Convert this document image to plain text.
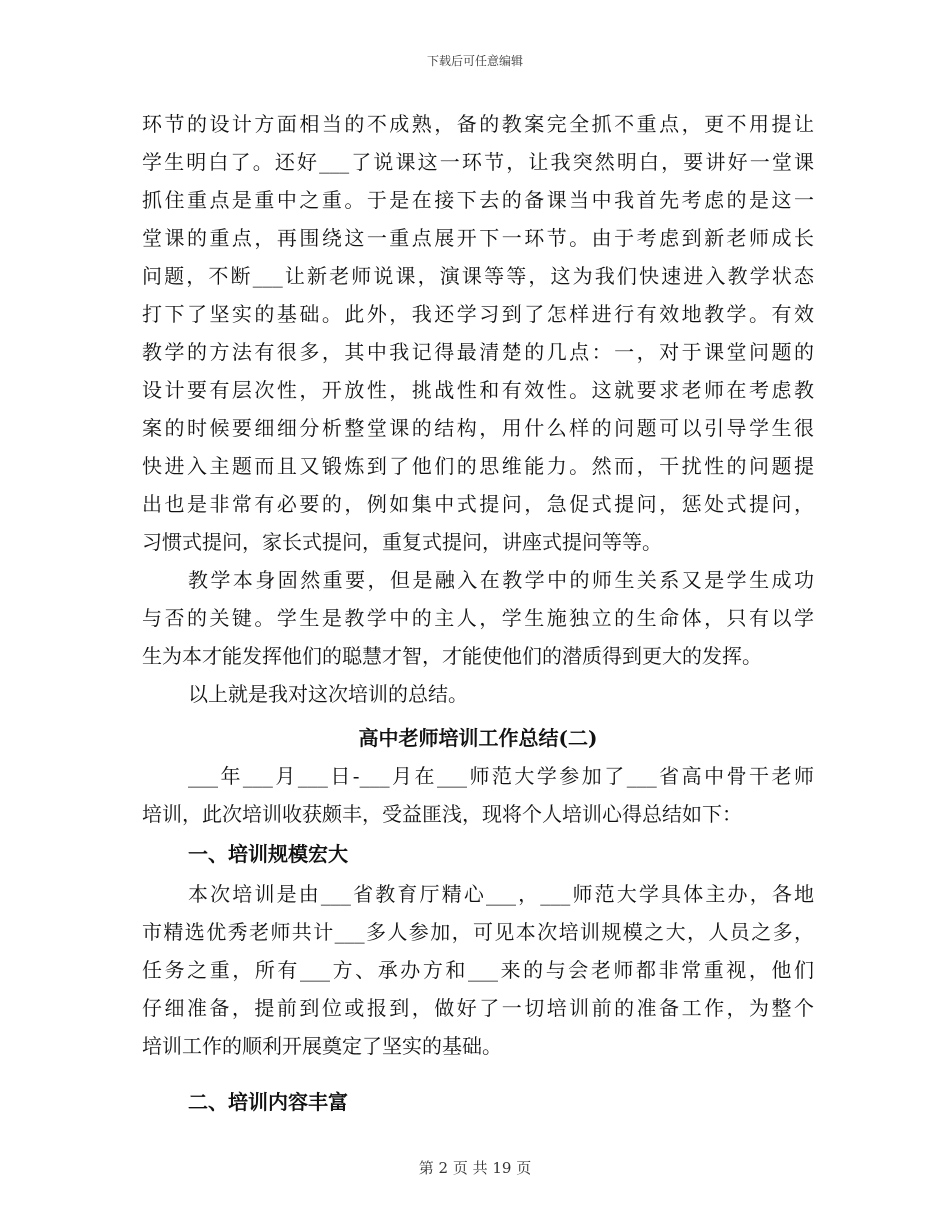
下载后可任意编辑
环节的设计方面相当的不成熟，备的教案完全抓不重点，更不用提让
学生明白了。还好___了说课这一环节，让我突然明白，要讲好一堂课
抓住重点是重中之重。于是在接下去的备课当中我首先考虑的是这一
堂课的重点，再围绕这一重点展开下一环节。由于考虑到新老师成长
问题，不断___让新老师说课，演课等等，这为我们快速进入教学状态
打下了坚实的基础。此外，我还学习到了怎样进行有效地教学。有效
教学的方法有很多，其中我记得最清楚的几点：一，对于课堂问题的
设计要有层次性，开放性，挑战性和有效性。这就要求老师在考虑教
案的时候要细细分析整堂课的结构，用什么样的问题可以引导学生很
快进入主题而且又锻炼到了他们的思维能力。然而，干扰性的问题提
出也是非常有必要的，例如集中式提问，急促式提问，惩处式提问，
习惯式提问，家长式提问，重复式提问，讲座式提问等等。
教学本身固然重要，但是融入在教学中的师生关系又是学生成功
与否的关键。学生是教学中的主人，学生施独立的生命体，只有以学
生为本才能发挥他们的聪慧才智，才能使他们的潜质得到更大的发挥。
以上就是我对这次培训的总结。
高中老师培训工作总结(二)
___年___月___日-___月在___师范大学参加了___省高中骨干老师
培训，此次培训收获颇丰，受益匪浅，现将个人培训心得总结如下：
一、培训规模宏大
本次培训是由___省教育厅精心___，___师范大学具体主办，各地
市精选优秀老师共计___多人参加，可见本次培训规模之大，人员之多，
任务之重，所有___方、承办方和___来的与会老师都非常重视，他们
仔细准备，提前到位或报到，做好了一切培训前的准备工作，为整个
培训工作的顺利开展奠定了坚实的基础。
二、培训内容丰富
第 2 页 共 19 页
